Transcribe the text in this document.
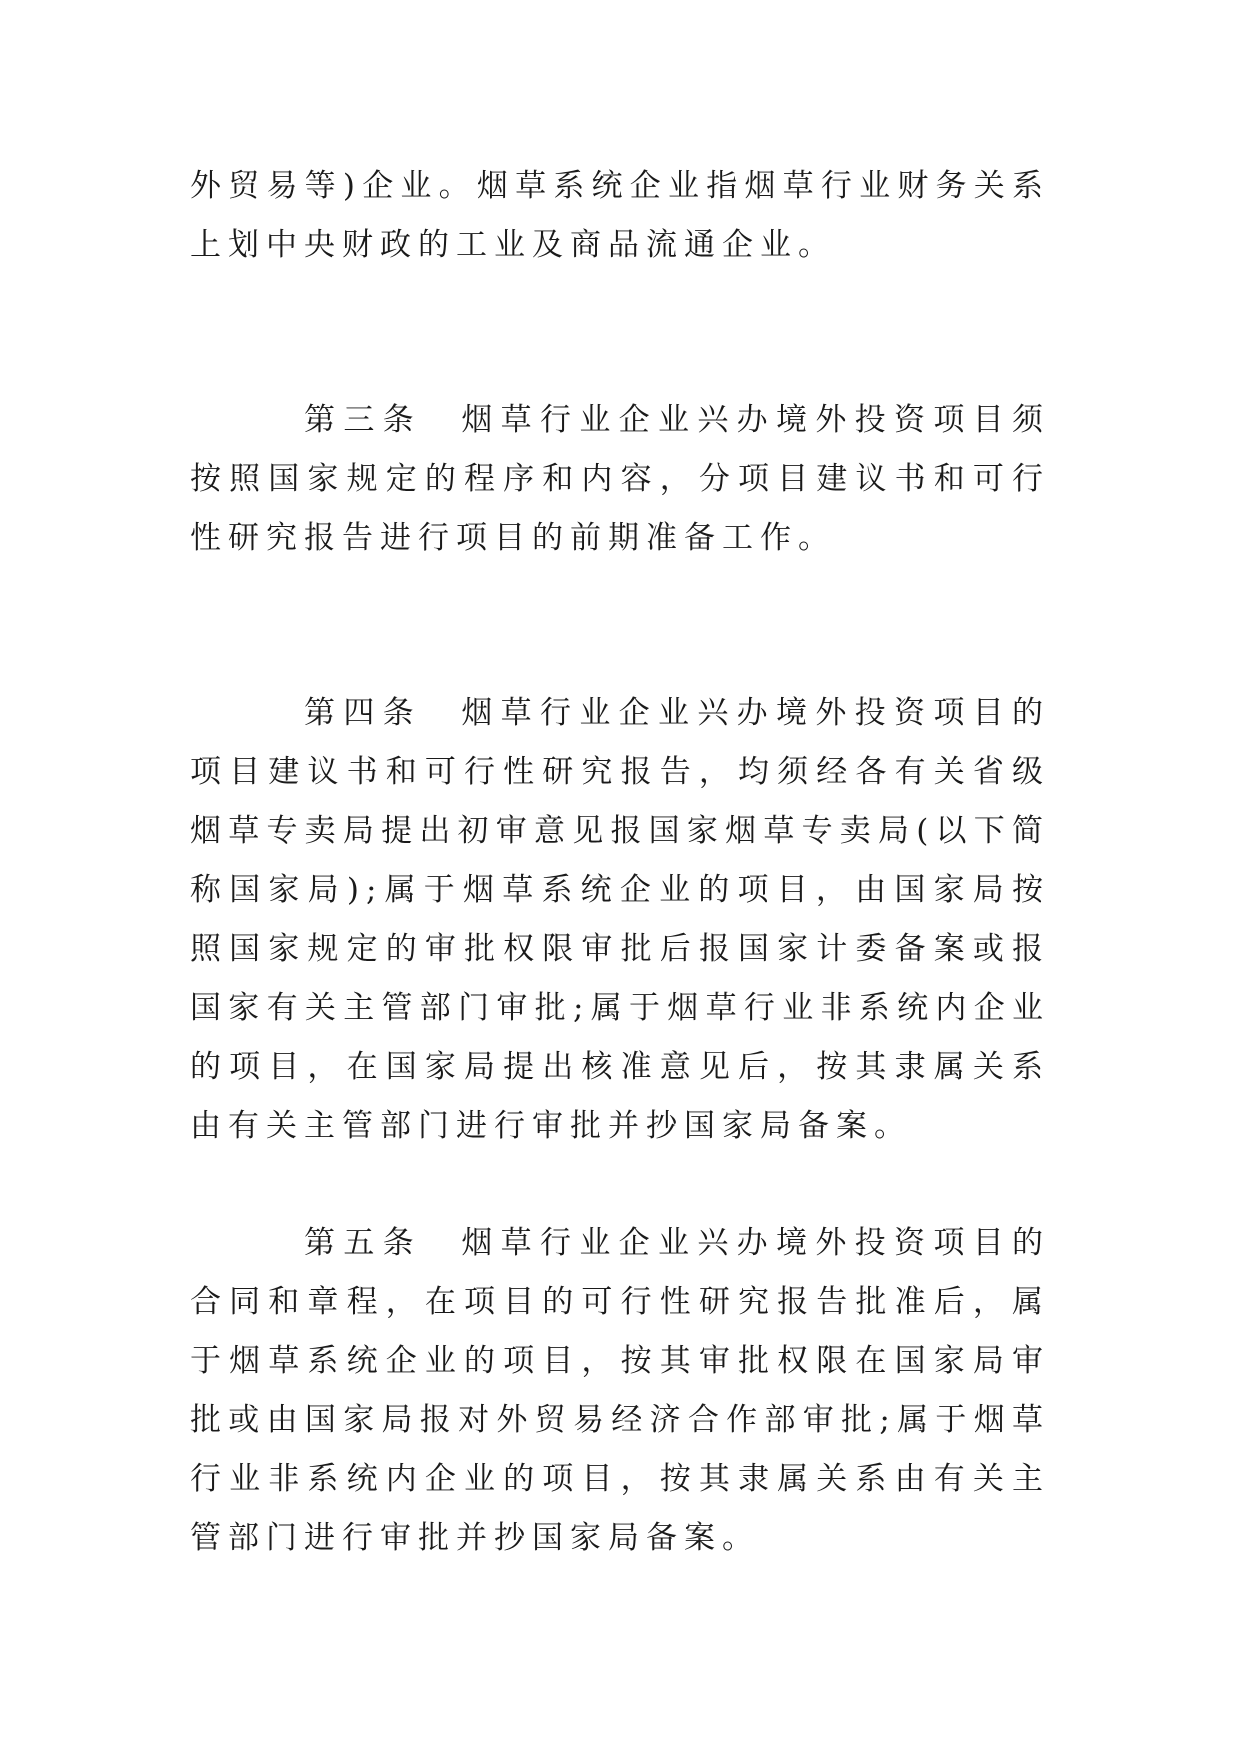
外贸易等)企业。烟草系统企业指烟草行业财务关系上划中央财政的工业及商品流通企业。

第三条　烟草行业企业兴办境外投资项目须按照国家规定的程序和内容，分项目建议书和可行性研究报告进行项目的前期准备工作。

第四条　烟草行业企业兴办境外投资项目的项目建议书和可行性研究报告，均须经各有关省级烟草专卖局提出初审意见报国家烟草专卖局(以下简称国家局);属于烟草系统企业的项目，由国家局按照国家规定的审批权限审批后报国家计委备案或报国家有关主管部门审批;属于烟草行业非系统内企业的项目，在国家局提出核准意见后，按其隶属关系由有关主管部门进行审批并抄国家局备案。

第五条　烟草行业企业兴办境外投资项目的合同和章程，在项目的可行性研究报告批准后，属于烟草系统企业的项目，按其审批权限在国家局审批或由国家局报对外贸易经济合作部审批;属于烟草行业非系统内企业的项目，按其隶属关系由有关主管部门进行审批并抄国家局备案。
